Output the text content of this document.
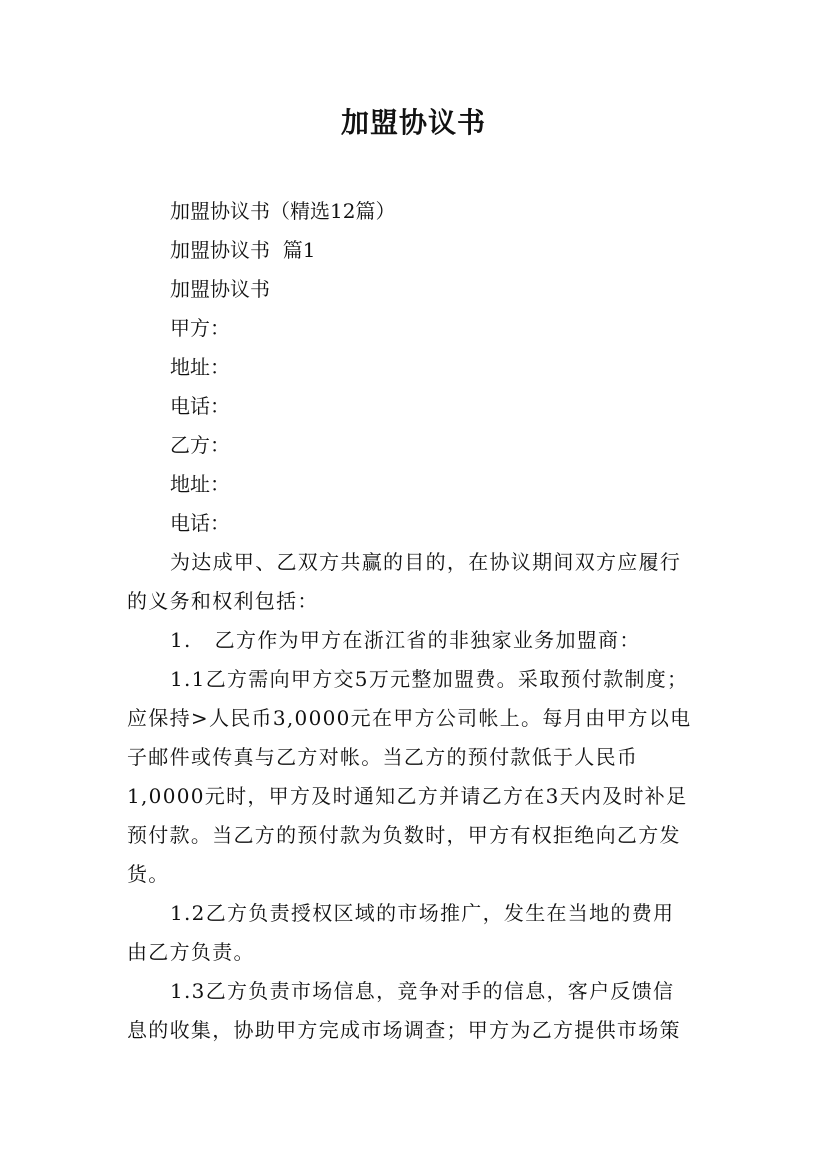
加盟协议书
加盟协议书（精选12篇）
加盟协议书  篇1
加盟协议书
甲方：
地址：
电话：
乙方：
地址：
电话：
为达成甲、乙双方共赢的目的，在协议期间双方应履行
的义务和权利包括：
1.   乙方作为甲方在浙江省的非独家业务加盟商：
1.1乙方需向甲方交5万元整加盟费。采取预付款制度；
应保持>人民币3,0000元在甲方公司帐上。每月由甲方以电
子邮件或传真与乙方对帐。当乙方的预付款低于人民币
1,0000元时，甲方及时通知乙方并请乙方在3天内及时补足
预付款。当乙方的预付款为负数时，甲方有权拒绝向乙方发
货。
1.2乙方负责授权区域的市场推广，发生在当地的费用
由乙方负责。
1.3乙方负责市场信息，竞争对手的信息，客户反馈信
息的收集，协助甲方完成市场调查；甲方为乙方提供市场策
